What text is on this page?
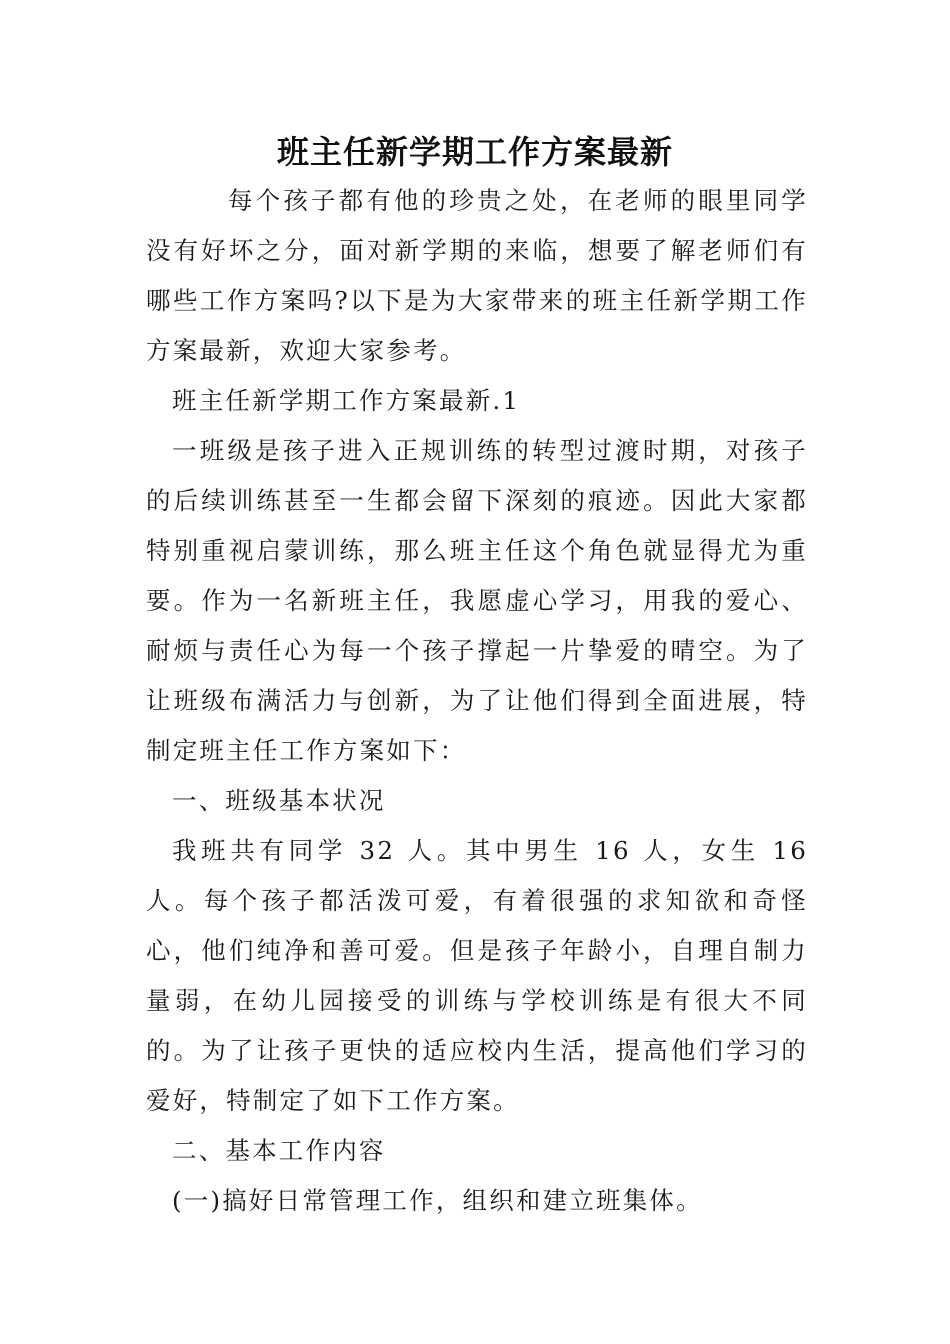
班主任新学期工作方案最新

每个孩子都有他的珍贵之处，在老师的眼里同学没有好坏之分，面对新学期的来临，想要了解老师们有哪些工作方案吗?以下是为大家带来的班主任新学期工作方案最新，欢迎大家参考。

班主任新学期工作方案最新.1

一班级是孩子进入正规训练的转型过渡时期，对孩子的后续训练甚至一生都会留下深刻的痕迹。因此大家都特别重视启蒙训练，那么班主任这个角色就显得尤为重要。作为一名新班主任，我愿虚心学习，用我的爱心、耐烦与责任心为每一个孩子撑起一片挚爱的晴空。为了让班级布满活力与创新，为了让他们得到全面进展，特制定班主任工作方案如下：

一、班级基本状况

我班共有同学 32 人。其中男生 16 人，女生 16 人。每个孩子都活泼可爱，有着很强的求知欲和奇怪心，他们纯净和善可爱。但是孩子年龄小，自理自制力量弱，在幼儿园接受的训练与学校训练是有很大不同的。为了让孩子更快的适应校内生活，提高他们学习的爱好，特制定了如下工作方案。

二、基本工作内容

(一)搞好日常管理工作，组织和建立班集体。
